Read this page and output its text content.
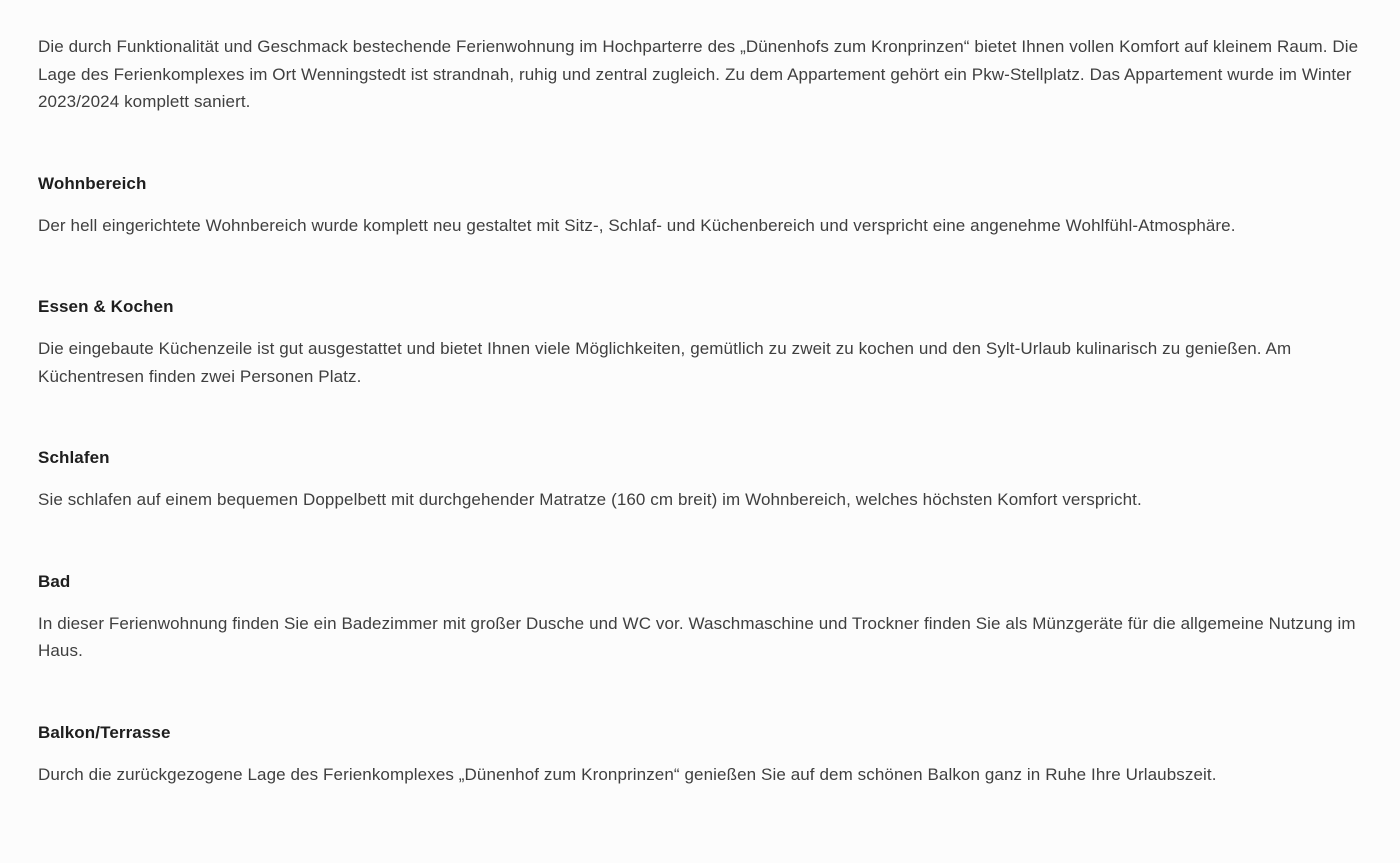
Die durch Funktionalität und Geschmack bestechende Ferienwohnung im Hochparterre des „Dünenhofs zum Kronprinzen“ bietet Ihnen vollen Komfort auf kleinem Raum. Die Lage des Ferienkomplexes im Ort Wenningstedt ist strandnah, ruhig und zentral zugleich. Zu dem Appartement gehört ein Pkw-Stellplatz. Das Appartement wurde im Winter 2023/2024 komplett saniert.

Wohnbereich

Der hell eingerichtete Wohnbereich wurde komplett neu gestaltet mit Sitz-, Schlaf- und Küchenbereich und verspricht eine angenehme Wohlfühl-Atmosphäre.

Essen & Kochen

Die eingebaute Küchenzeile ist gut ausgestattet und bietet Ihnen viele Möglichkeiten, gemütlich zu zweit zu kochen und den Sylt-Urlaub kulinarisch zu genießen. Am Küchentresen finden zwei Personen Platz.

Schlafen

Sie schlafen auf einem bequemen Doppelbett mit durchgehender Matratze (160 cm breit) im Wohnbereich, welches höchsten Komfort verspricht.

Bad

In dieser Ferienwohnung finden Sie ein Badezimmer mit großer Dusche und WC vor. Waschmaschine und Trockner finden Sie als Münzgeräte für die allgemeine Nutzung im Haus.

Balkon/Terrasse

Durch die zurückgezogene Lage des Ferienkomplexes „Dünenhof zum Kronprinzen“ genießen Sie auf dem schönen Balkon ganz in Ruhe Ihre Urlaubszeit.
